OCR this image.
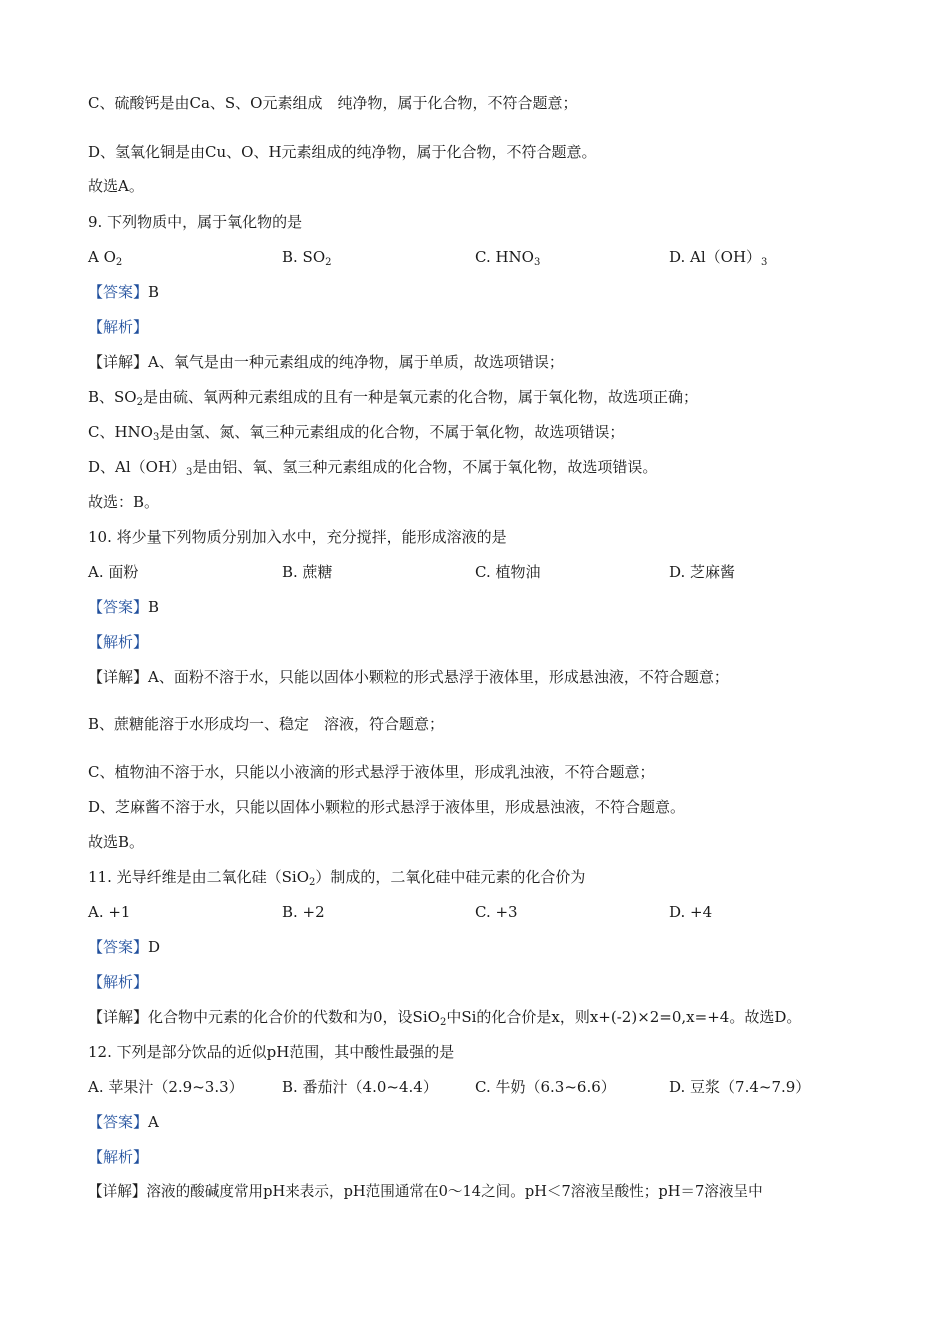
C、硫酸钙是由Ca、S、O元素组成　纯净物，属于化合物，不符合题意；
D、氢氧化铜是由Cu、O、H元素组成的纯净物，属于化合物，不符合题意。
故选A。
9. 下列物质中，属于氧化物的是
A $O_2$	B. $SO_2$	C. $HNO_3$	D. $Al(OH)_3$
【答案】B
【解析】
【详解】A、氧气是由一种元素组成的纯净物，属于单质，故选项错误；
B、$SO_2$是由硫、氧两种元素组成的且有一种是氧元素的化合物，属于氧化物，故选项正确；
C、$HNO_3$是由氢、氮、氧三种元素组成的化合物，不属于氧化物，故选项错误；
D、$Al(OH)_3$是由铝、氧、氢三种元素组成的化合物，不属于氧化物，故选项错误。
故选：B。
10. 将少量下列物质分别加入水中，充分搅拌，能形成溶液的是
A. 面粉	B. 蔗糖	C. 植物油	D. 芝麻酱
【答案】B
【解析】
【详解】A、面粉不溶于水，只能以固体小颗粒的形式悬浮于液体里，形成悬浊液，不符合题意；
B、蔗糖能溶于水形成均一、稳定　溶液，符合题意；
C、植物油不溶于水，只能以小液滴的形式悬浮于液体里，形成乳浊液，不符合题意；
D、芝麻酱不溶于水，只能以固体小颗粒的形式悬浮于液体里，形成悬浊液，不符合题意。
故选B。
11. 光导纤维是由二氧化硅（SiO$_2$）制成的，二氧化硅中硅元素的化合价为
A. +1	B. +2	C. +3	D. +4
【答案】D
【解析】
【详解】化合物中元素的化合价的代数和为0，设SiO$_2$中Si的化合价是x，则x+(-2)×2=0,x=+4。故选D。
12. 下列是部分饮品的近似pH范围，其中酸性最强的是
A. 苹果汁（2.9~3.3）	B. 番茄汁（4.0~4.4） C. 牛奶（6.3~6.6）	D. 豆浆（7.4~7.9）
【答案】A
【解析】
【详解】溶液的酸碱度常用pH来表示，pH范围通常在0～14之间。pH＜7溶液呈酸性；pH＝7溶液呈中
